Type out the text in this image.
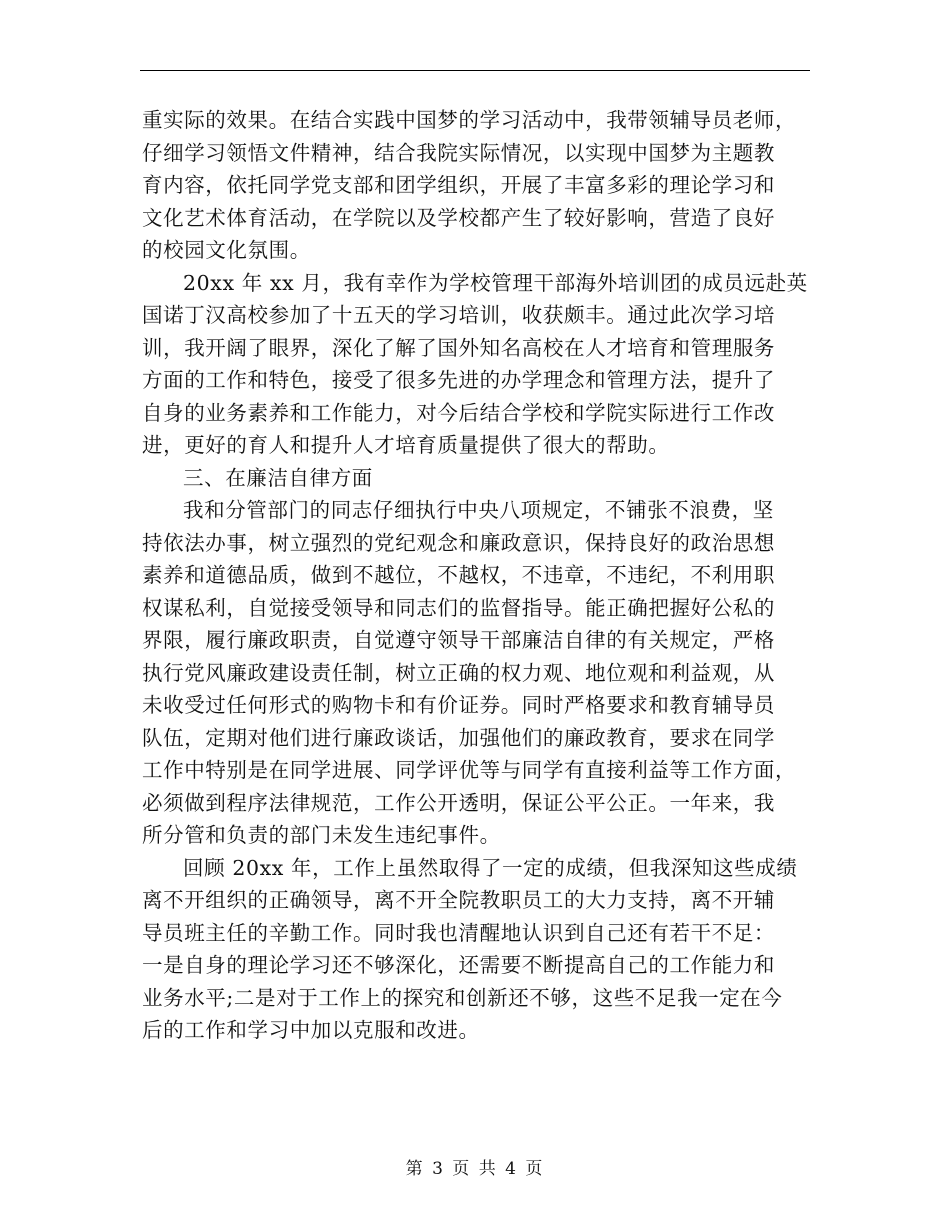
重实际的效果。在结合实践中国梦的学习活动中，我带领辅导员老师，
仔细学习领悟文件精神，结合我院实际情况，以实现中国梦为主题教
育内容，依托同学党支部和团学组织，开展了丰富多彩的理论学习和
文化艺术体育活动，在学院以及学校都产生了较好影响，营造了良好
的校园文化氛围。

20xx 年 xx 月，我有幸作为学校管理干部海外培训团的成员远赴英
国诺丁汉高校参加了十五天的学习培训，收获颇丰。通过此次学习培
训，我开阔了眼界，深化了解了国外知名高校在人才培育和管理服务
方面的工作和特色，接受了很多先进的办学理念和管理方法，提升了
自身的业务素养和工作能力，对今后结合学校和学院实际进行工作改
进，更好的育人和提升人才培育质量提供了很大的帮助。

三、在廉洁自律方面

我和分管部门的同志仔细执行中央八项规定，不铺张不浪费，坚
持依法办事，树立强烈的党纪观念和廉政意识，保持良好的政治思想
素养和道德品质，做到不越位，不越权，不违章，不违纪，不利用职
权谋私利，自觉接受领导和同志们的监督指导。能正确把握好公私的
界限，履行廉政职责，自觉遵守领导干部廉洁自律的有关规定，严格
执行党风廉政建设责任制，树立正确的权力观、地位观和利益观，从
未收受过任何形式的购物卡和有价证券。同时严格要求和教育辅导员
队伍，定期对他们进行廉政谈话，加强他们的廉政教育，要求在同学
工作中特别是在同学进展、同学评优等与同学有直接利益等工作方面，
必须做到程序法律规范，工作公开透明，保证公平公正。一年来，我
所分管和负责的部门未发生违纪事件。

回顾 20xx 年，工作上虽然取得了一定的成绩，但我深知这些成绩
离不开组织的正确领导，离不开全院教职员工的大力支持，离不开辅
导员班主任的辛勤工作。同时我也清醒地认识到自己还有若干不足：
一是自身的理论学习还不够深化，还需要不断提高自己的工作能力和
业务水平;二是对于工作上的探究和创新还不够，这些不足我一定在今
后的工作和学习中加以克服和改进。

第 3 页 共 4 页
